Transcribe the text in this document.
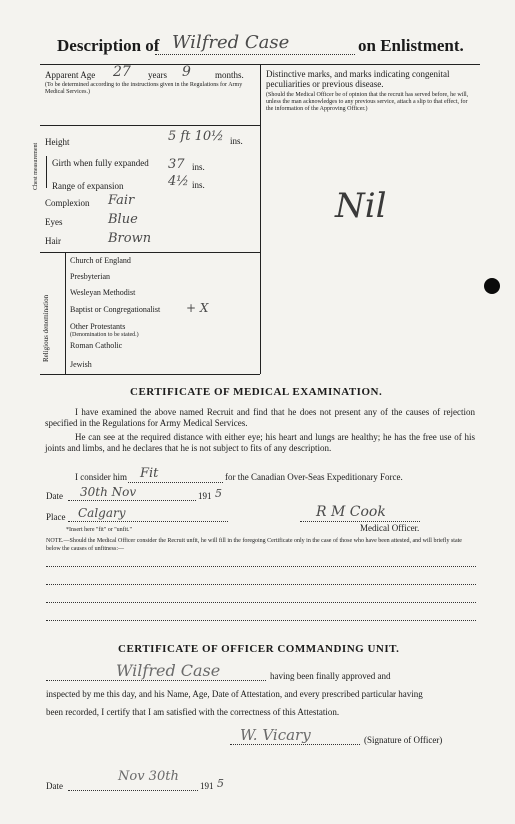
Description of Wilfred Case	on Enlistment.
Apparent Age 27 years 9	months.
(To be determined according to the instructions given in the Regulations for Army Medical Services.)
Height	5 ft 10½ ins.
Chest measurement Girth when fully expanded 37 ins.
Range of expansion	4½ ins.
Complexion Fair
Eyes	Blue
Hair	Brown
Religious denomination
Church of England
Presbyterian
Wesleyan Methodist
Baptist or Congregationalist + X
Other Protestants
(Denomination to be stated.)
Roman Catholic
Jewish
Distinctive marks, and marks indicating congenital peculiarities or previous disease.
(Should the Medical Officer be of opinion that the recruit has served before, he will, unless the man acknowledges to any previous service, attach a slip to that effect, for the information of the Approving Officer.)
Nil
CERTIFICATE OF MEDICAL EXAMINATION.
I have examined the above named Recruit and find that he does not present any of the causes of rejection specified in the Regulations for Army Medical Services.
He can see at the required distance with either eye; his heart and lungs are healthy; he has the free use of his joints and limbs, and he declares that he is not subject to fits of any description.
I consider him Fit	for the Canadian Over-Seas Expeditionary Force.
Date 30th Nov	191 5
Place Calgary	R M Cook
Medical Officer.
*Insert here "fit" or "unfit."
NOTE.—Should the Medical Officer consider the Recruit unfit, he will fill in the foregoing Certificate only in the case of those who have been attested, and will briefly state below the causes of unfitness:—
CERTIFICATE OF OFFICER COMMANDING UNIT.
Wilfred Case	having been finally approved and
inspected by me this day, and his Name, Age, Date of Attestation, and every prescribed particular having
been recorded, I certify that I am satisfied with the correctness of this Attestation.
W. Vicary	(Signature of Officer)
Date
Nov 30th
191 5
